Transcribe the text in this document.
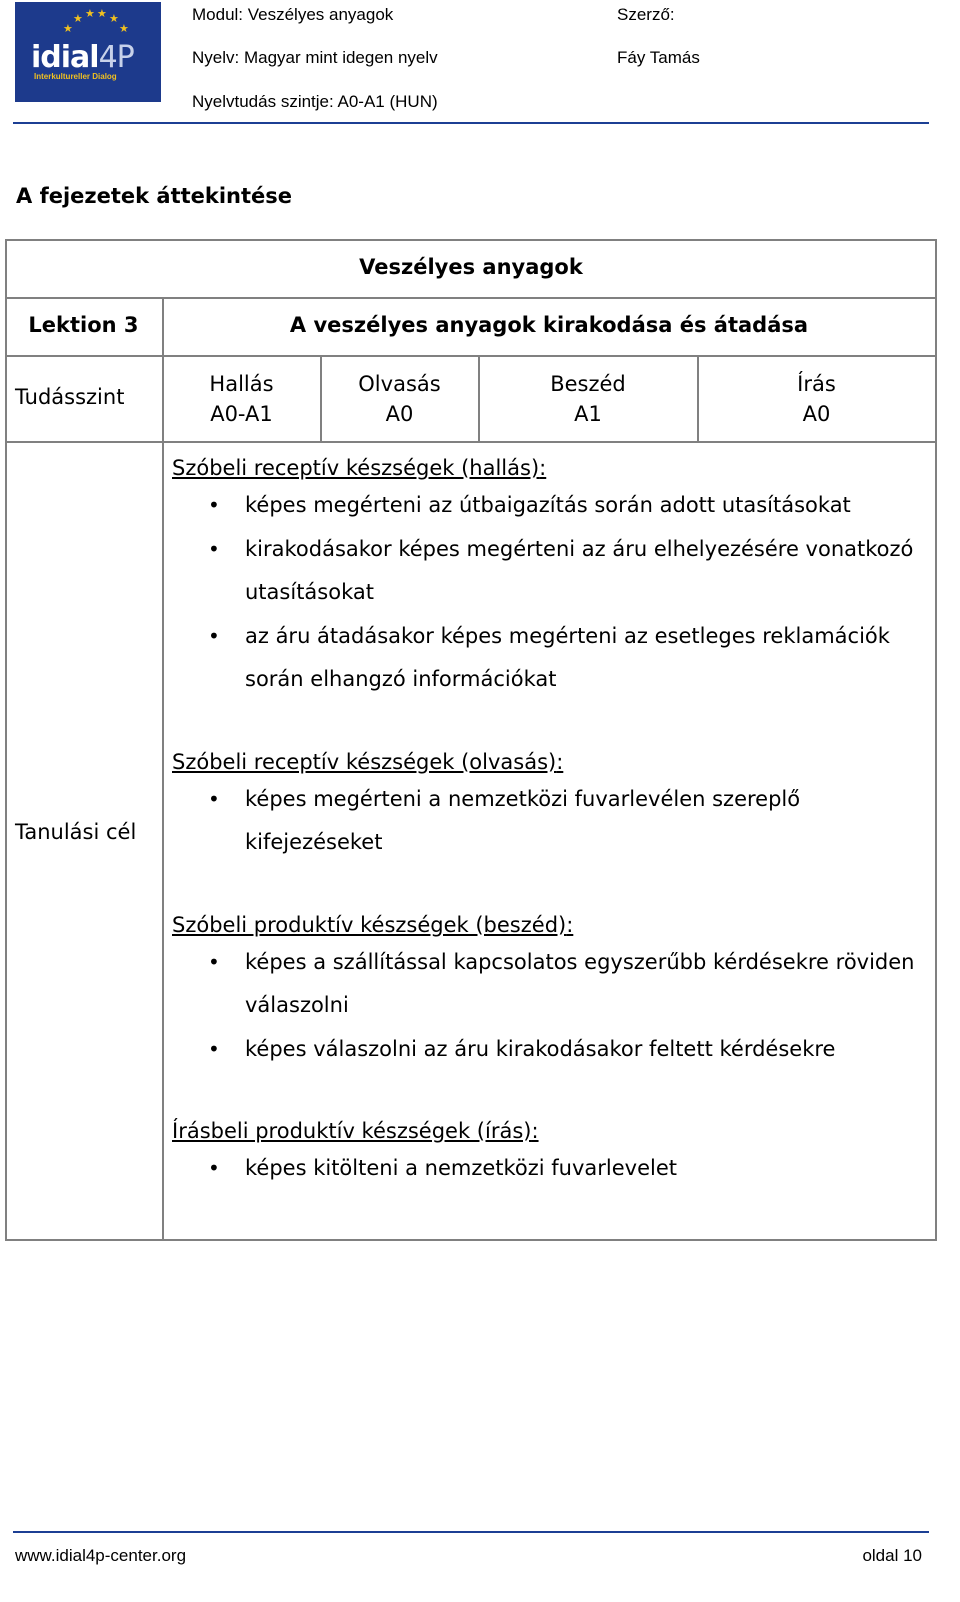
★
★ ★ ★ ★
★
idial4P
Interkultureller Dialog
Modul: Veszélyes anyagok
Nyelv: Magyar mint idegen nyelv
Nyelvtudás szintje: A0-A1 (HUN)
Szerző:
Fáy Tamás
A fejezetek áttekintése
Veszélyes anyagok
Lektion 3	A veszélyes anyagok kirakodása és átadása
Tudásszint
Hallás
A0-A1
Olvasás
A0
Beszéd
A1
Írás
A0
Tanulási cél
Szóbeli receptív készségek (hallás):
• képes megérteni az útbaigazítás során adott utasításokat
• kirakodásakor képes megérteni az áru elhelyezésére vonatkozó utasításokat
• az áru átadásakor képes megérteni az esetleges reklamációk során elhangzó információkat
Szóbeli receptív készségek (olvasás):
• képes megérteni a nemzetközi fuvarlevélen szereplő kifejezéseket
Szóbeli produktív készségek (beszéd):
• képes a szállítással kapcsolatos egyszerűbb kérdésekre röviden válaszolni
• képes válaszolni az áru kirakodásakor feltett kérdésekre
Írásbeli produktív készségek (írás):
• képes kitölteni a nemzetközi fuvarlevelet
www.idial4p-center.org	oldal 10
